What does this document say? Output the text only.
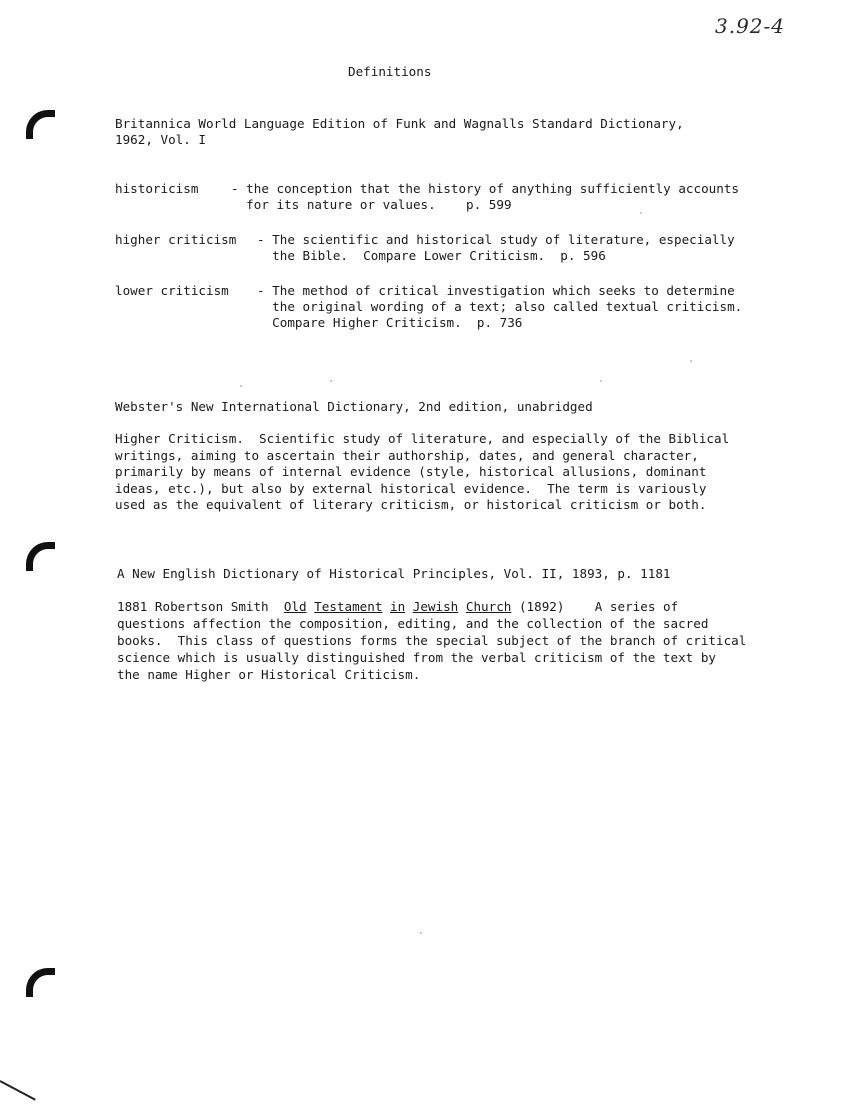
3.92-4
Definitions
Britannica World Language Edition of Funk and Wagnalls Standard Dictionary,
1962, Vol. I
historicism	- the conception that the history of anything sufficiently accounts
for its nature or values.    p. 599
higher criticism - The scientific and historical study of literature, especially
the Bible.  Compare Lower Criticism.  p. 596
lower criticism - The method of critical investigation which seeks to determine
the original wording of a text; also called textual criticism.
Compare Higher Criticism.  p. 736
Webster's New International Dictionary, 2nd edition, unabridged
Higher Criticism.  Scientific study of literature, and especially of the Biblical
writings, aiming to ascertain their authorship, dates, and general character,
primarily by means of internal evidence (style, historical allusions, dominant
ideas, etc.), but also by external historical evidence.  The term is variously
used as the equivalent of literary criticism, or historical criticism or both.
A New English Dictionary of Historical Principles, Vol. II, 1893, p. 1181
1881 Robertson Smith  Old Testament in Jewish Church (1892)    A series of
questions affection the composition, editing, and the collection of the sacred
books.  This class of questions forms the special subject of the branch of critical
science which is usually distinguished from the verbal criticism of the text by
the name Higher or Historical Criticism.
